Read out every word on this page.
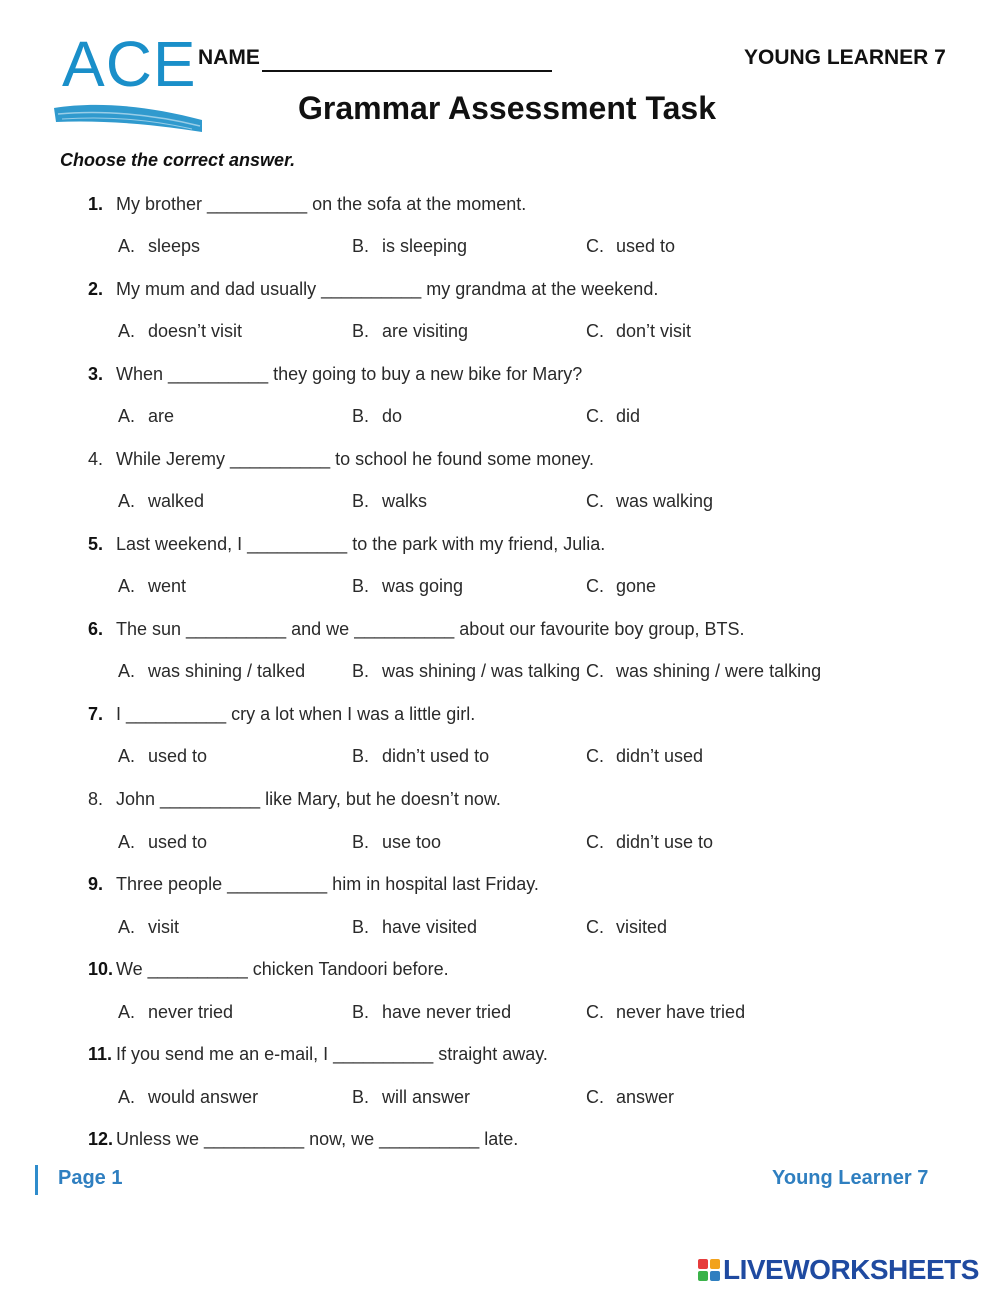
ACE NAME	YOUNG LEARNER 7
Grammar Assessment Task
Choose the correct answer.
1. My brother __________ on the sofa at the moment.
A. sleeps	B. is sleeping	C. used to
2. My mum and dad usually __________ my grandma at the weekend.
A. doesn’t visit	B. are visiting	C. don’t visit
3. When __________ they going to buy a new bike for Mary?
A. are	B. do	C. did
4. While Jeremy __________ to school he found some money.
A. walked	B. walks	C. was walking
5. Last weekend, I __________ to the park with my friend, Julia.
A. went	B. was going	C. gone
6. The sun __________ and we __________ about our favourite boy group, BTS.
A. was shining / talked	B. was shining / was talking C. was shining / were talking
7. I __________ cry a lot when I was a little girl.
A. used to	B. didn’t used to	C. didn’t used
8. John __________ like Mary, but he doesn’t now.
A. used to	B. use too	C. didn’t use to
9. Three people __________ him in hospital last Friday.
A. visit	B. have visited	C. visited
10. We __________ chicken Tandoori before.
A. never tried	B. have never tried	C. never have tried
11. If you send me an e-mail, I __________ straight away.
A. would answer	B. will answer	C. answer
12. Unless we __________ now, we __________ late.
Page 1	Young Learner 7
LIVEWORKSHEETS
